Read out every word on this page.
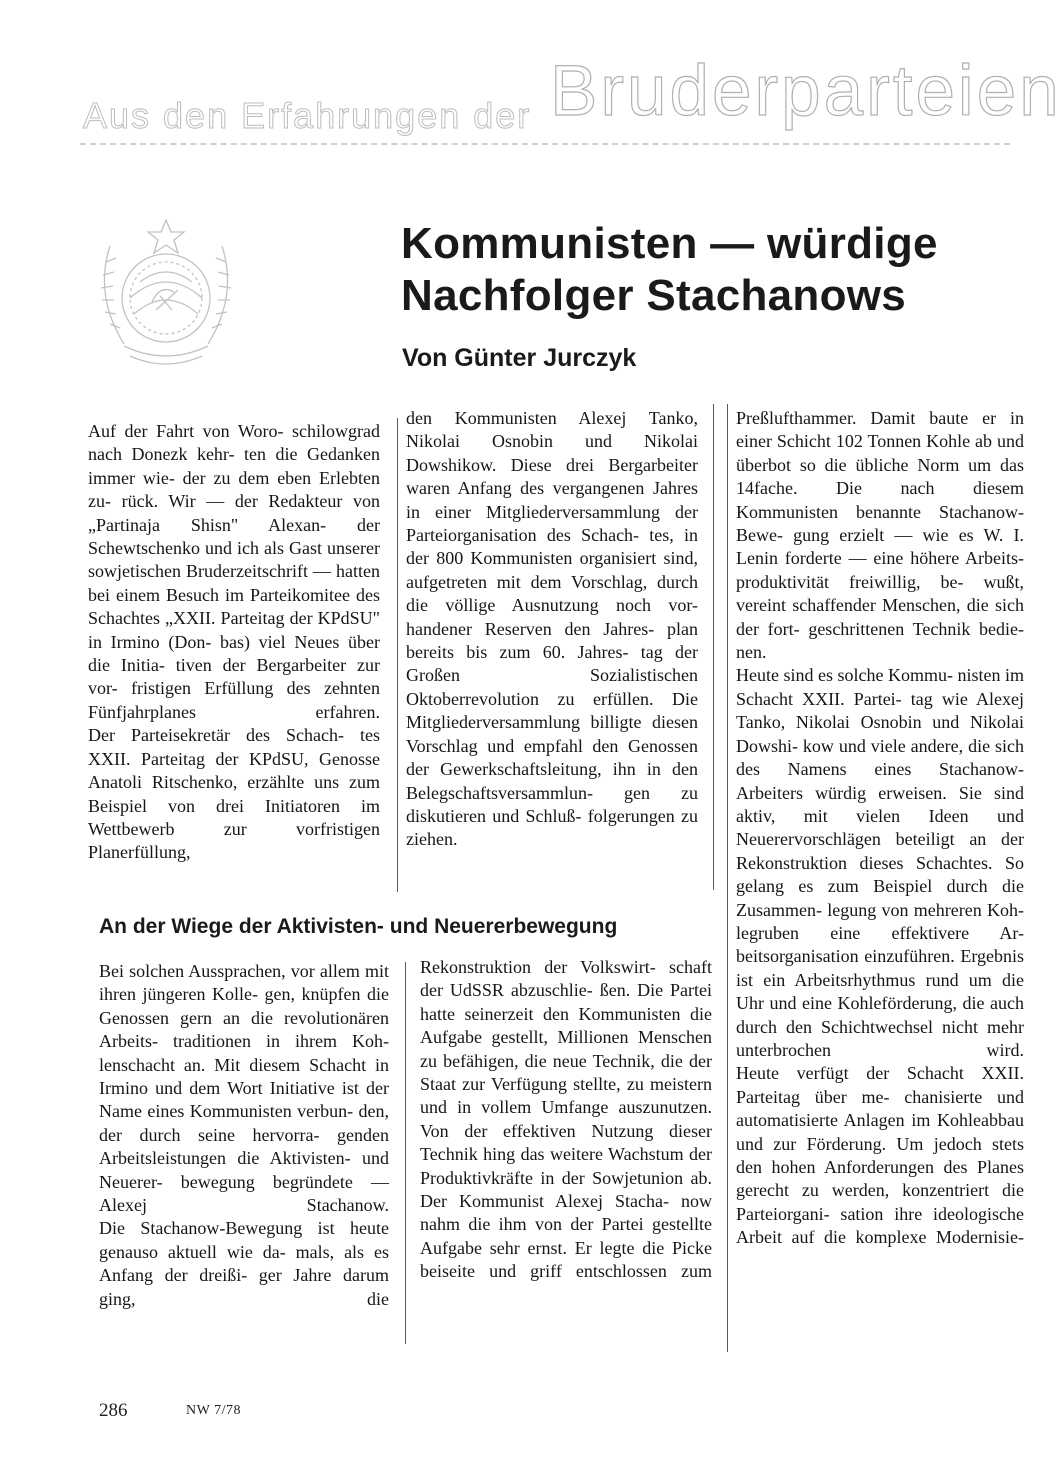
Aus den Erfahrungen der Bruderparteien
Kommunisten — würdige
Nachfolger Stachanows
Von Günter Jurczyk

Auf der Fahrt von Woro- schilowgrad nach Donezk kehr- ten die Gedanken immer wie- der zu dem eben Erlebten zu- rück. Wir — der Redakteur von „Partinaja Shisn" Alexan- der Schewtschenko und ich als Gast unserer sowjetischen Bruderzeitschrift — hatten bei einem Besuch im Parteikomitee des Schachtes „XXII. Parteitag der KPdSU" in Irmino (Don- bas) viel Neues über die Initia- tiven der Bergarbeiter zur vor- fristigen Erfüllung des zehnten Fünfjahrplanes erfahren.

Der Parteisekretär des Schach- tes XXII. Parteitag der KPdSU, Genosse Anatoli Ritschenko, erzählte uns zum Beispiel von drei Initiatoren im Wettbewerb zur vorfristigen Planerfüllung,

den Kommunisten Alexej Tanko, Nikolai Osnobin und Nikolai Dowshikow. Diese drei Bergarbeiter waren Anfang des vergangenen Jahres in einer Mitgliederversammlung der Parteiorganisation des Schach- tes, in der 800 Kommunisten organisiert sind, aufgetreten mit dem Vorschlag, durch die völlige Ausnutzung noch vor- handener Reserven den Jahres- plan bereits bis zum 60. Jahres- tag der Großen Sozialistischen Oktoberrevolution zu erfüllen. Die Mitgliederversammlung billigte diesen Vorschlag und empfahl den Genossen der Gewerkschaftsleitung, ihn in den Belegschaftsversammlun- gen zu diskutieren und Schluß- folgerungen zu ziehen.

An der Wiege der Aktivisten- und Neuererbewegung

Bei solchen Aussprachen, vor allem mit ihren jüngeren Kolle- gen, knüpfen die Genossen gern an die revolutionären Arbeits- traditionen in ihrem Koh- lenschacht an. Mit diesem Schacht in Irmino und dem Wort Initiative ist der Name eines Kommunisten verbun- den, der durch seine hervorra- genden Arbeitsleistungen die Aktivisten- und Neuerer- bewegung begründete — Alexej Stachanow.

Die Stachanow-Bewegung ist heute genauso aktuell wie da- mals, als es Anfang der dreißi- ger Jahre darum ging, die

Rekonstruktion der Volkswirt- schaft der UdSSR abzuschlie- ßen. Die Partei hatte seinerzeit den Kommunisten die Aufgabe gestellt, Millionen Menschen zu befähigen, die neue Technik, die der Staat zur Verfügung stellte, zu meistern und in vollem Umfange auszunutzen. Von der effektiven Nutzung dieser Technik hing das weitere Wachstum der Produktivkräfte in der Sowjetunion ab.

Der Kommunist Alexej Stacha- now nahm die ihm von der Partei gestellte Aufgabe sehr ernst. Er legte die Picke beiseite und griff entschlossen zum

Preßlufthammer. Damit baute er in einer Schicht 102 Tonnen Kohle ab und überbot so die übliche Norm um das 14fache. Die nach diesem Kommunisten benannte Stachanow-Bewe- gung erzielt — wie es W. I. Lenin forderte — eine höhere Arbeits- produktivität freiwillig, be- wußt, vereint schaffender Menschen, die sich der fort- geschrittenen Technik bedie- nen.

Heute sind es solche Kommu- nisten im Schacht XXII. Partei- tag wie Alexej Tanko, Nikolai Osnobin und Nikolai Dowshi- kow und viele andere, die sich des Namens eines Stachanow- Arbeiters würdig erweisen. Sie sind aktiv, mit vielen Ideen und Neuerervorschlägen beteiligt an der Rekonstruktion dieses Schachtes. So gelang es zum Beispiel durch die Zusammen- legung von mehreren Koh- legruben eine effektivere Ar- beitsorganisation einzuführen. Ergebnis ist ein Arbeitsrhythmus rund um die Uhr und eine Kohleförderung, die auch durch den Schichtwechsel nicht mehr unterbrochen wird.

Heute verfügt der Schacht XXII. Parteitag über me- chanisierte und automatisierte Anlagen im Kohleabbau und zur Förderung. Um jedoch stets den hohen Anforderungen des Planes gerecht zu werden, konzentriert die Parteiorgani- sation ihre ideologische Arbeit auf die komplexe Modernisie-

286	NW 7/78
